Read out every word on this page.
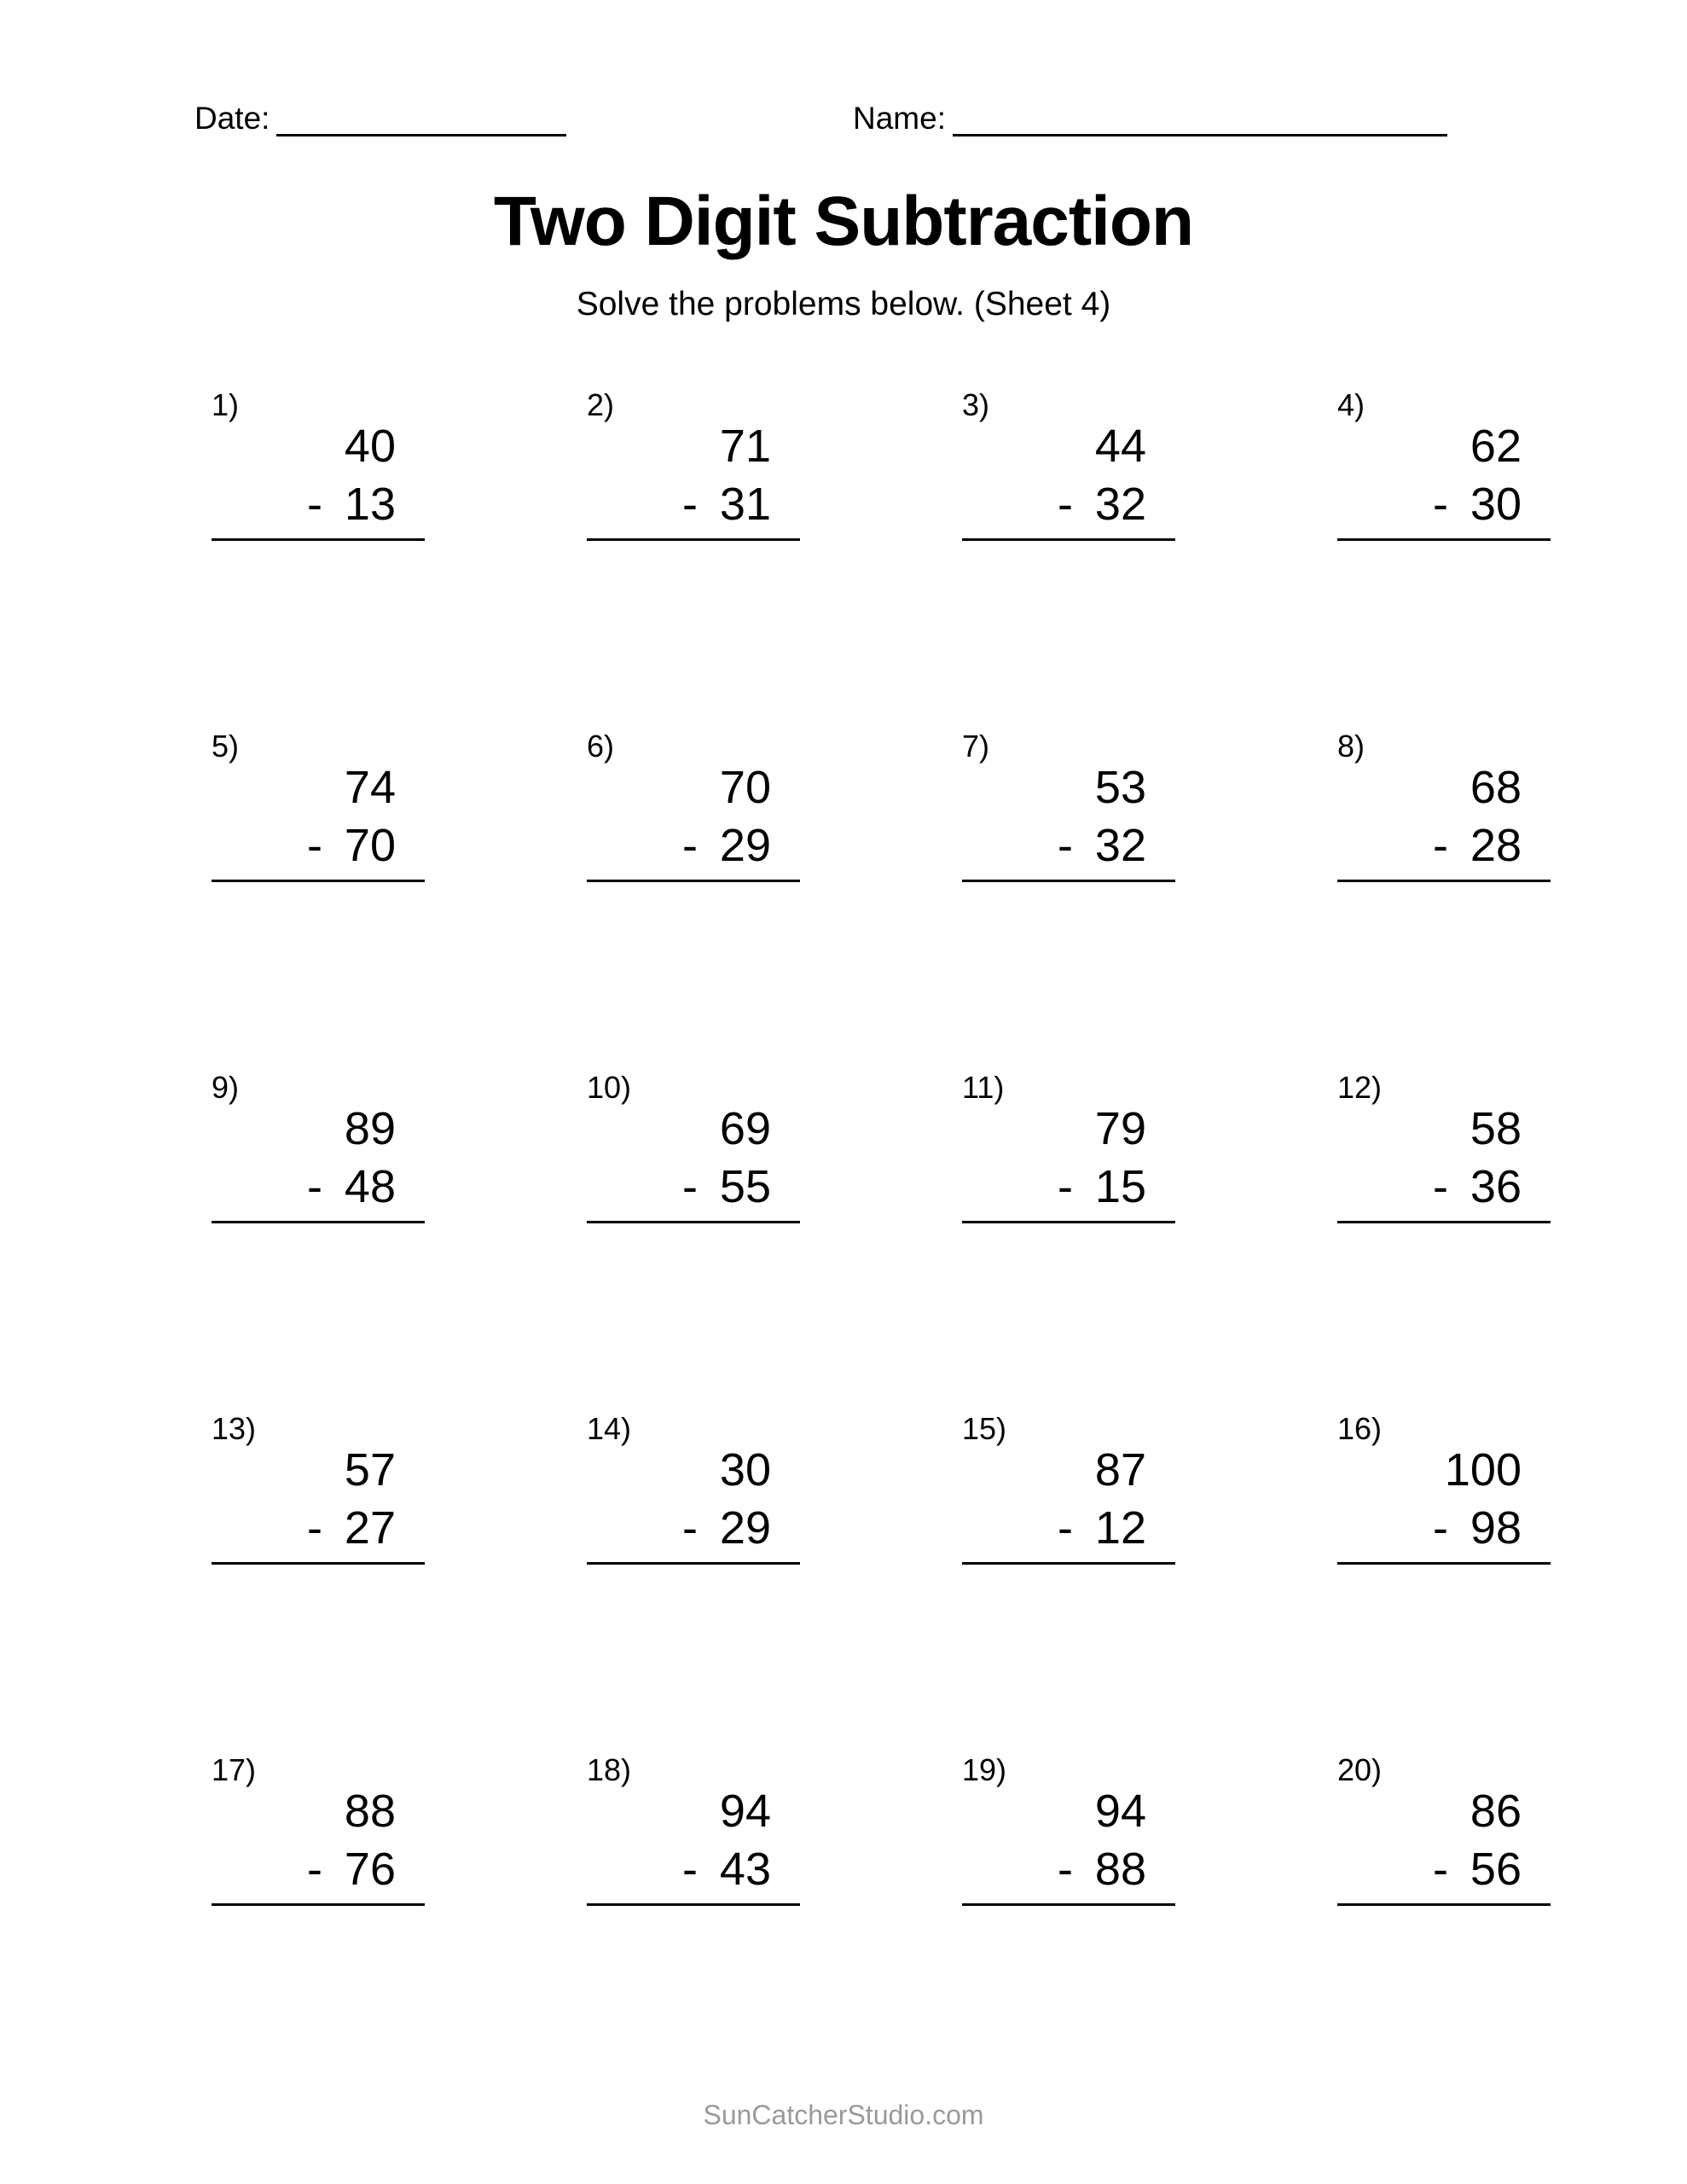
Date:	Name:
Two Digit Subtraction
Solve the problems below. (Sheet 4)
1)
40
- 13
2)
71
- 31
3)
44
- 32
4)
62
- 30
5)
74
- 70
6)
70
- 29
7)
53
- 32
8)
68
- 28
9)
89
- 48
10)
69
- 55
11)
79
- 15
12)
58
- 36
13)
57
- 27
14)
30
- 29
15)
87
- 12
16)
100
- 98
17)
88
- 76
18)
94
- 43
19)
94
- 88
20)
86
- 56
SunCatcherStudio.com
